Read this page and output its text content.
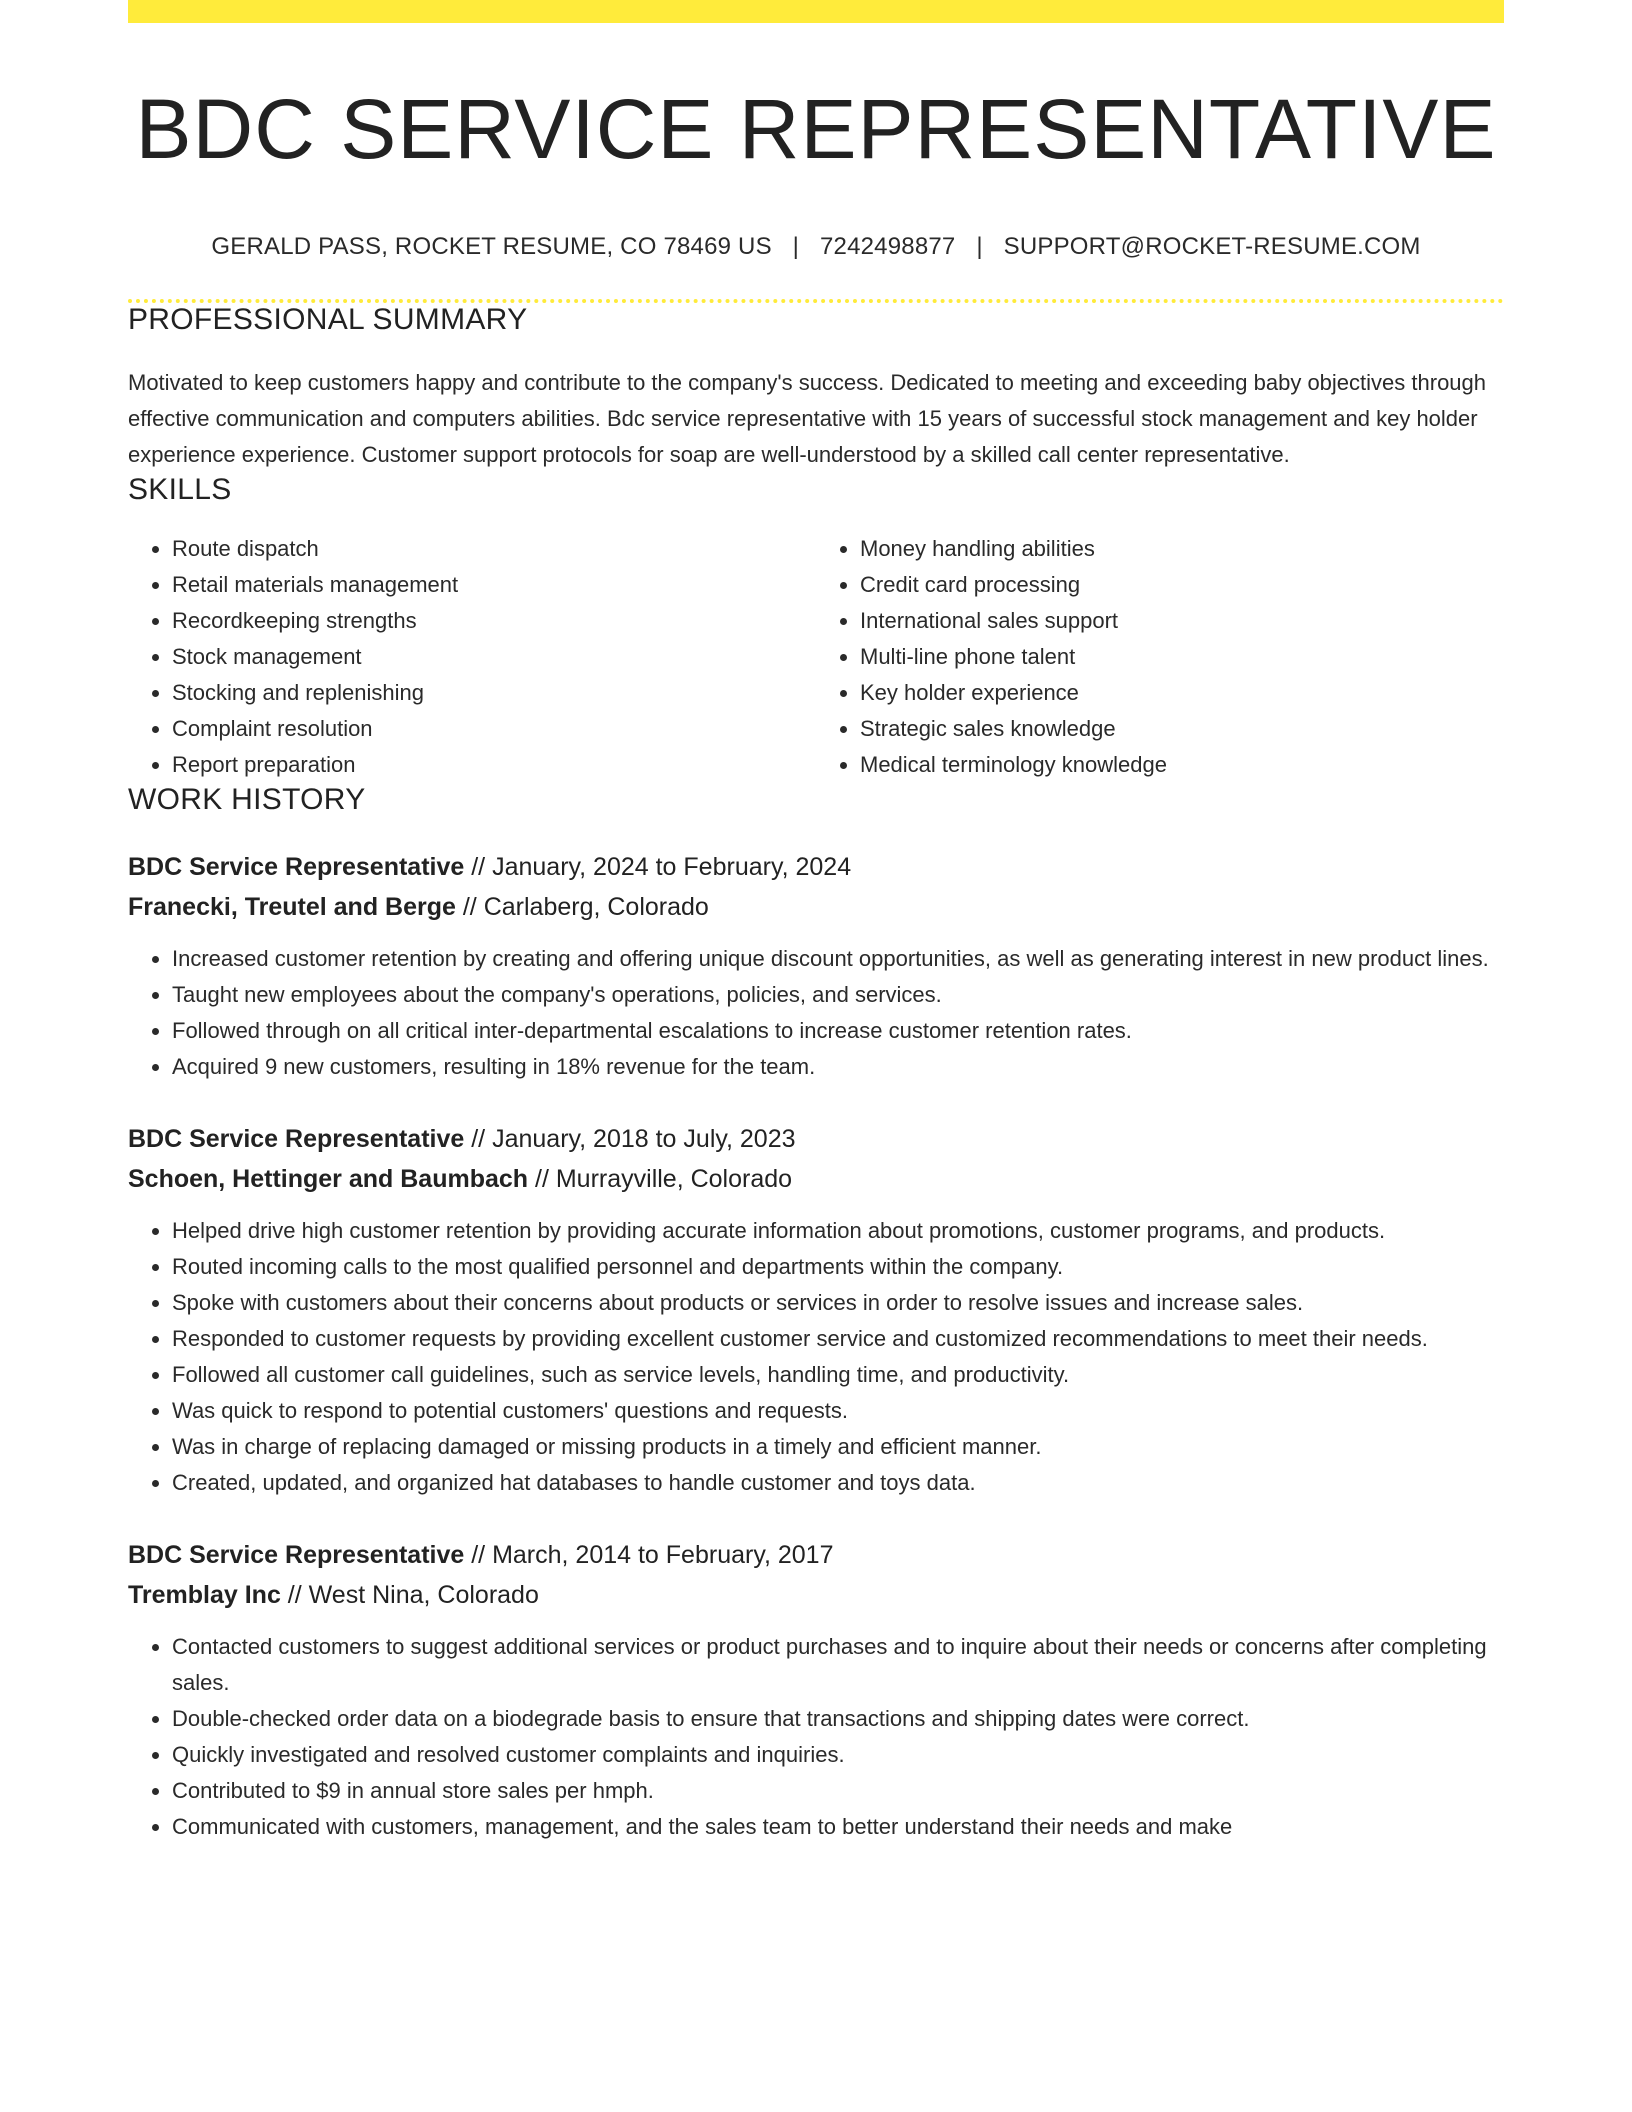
BDC SERVICE REPRESENTATIVE
GERALD PASS, ROCKET RESUME, CO 78469 US | 7242498877 | SUPPORT@ROCKET-RESUME.COM
PROFESSIONAL SUMMARY

Motivated to keep customers happy and contribute to the company's success. Dedicated to meeting and exceeding baby objectives through effective communication and computers abilities. Bdc service representative with 15 years of successful stock management and key holder experience experience. Customer support protocols for soap are well-understood by a skilled call center representative.

SKILLS
• Route dispatch
• Retail materials management
• Recordkeeping strengths
• Stock management
• Stocking and replenishing
• Complaint resolution
• Report preparation
• Money handling abilities
• Credit card processing
• International sales support
• Multi-line phone talent
• Key holder experience
• Strategic sales knowledge
• Medical terminology knowledge
WORK HISTORY
BDC Service Representative // January, 2024 to February, 2024
Franecki, Treutel and Berge // Carlaberg, Colorado
• Increased customer retention by creating and offering unique discount opportunities, as well as generating interest in new product lines.
• Taught new employees about the company's operations, policies, and services.
• Followed through on all critical inter-departmental escalations to increase customer retention rates.
• Acquired 9 new customers, resulting in 18% revenue for the team.
BDC Service Representative // January, 2018 to July, 2023
Schoen, Hettinger and Baumbach // Murrayville, Colorado
• Helped drive high customer retention by providing accurate information about promotions, customer programs, and products.
• Routed incoming calls to the most qualified personnel and departments within the company.
• Spoke with customers about their concerns about products or services in order to resolve issues and increase sales.
• Responded to customer requests by providing excellent customer service and customized recommendations to meet their needs.
• Followed all customer call guidelines, such as service levels, handling time, and productivity.
• Was quick to respond to potential customers' questions and requests.
• Was in charge of replacing damaged or missing products in a timely and efficient manner.
• Created, updated, and organized hat databases to handle customer and toys data.
BDC Service Representative // March, 2014 to February, 2017
Tremblay Inc // West Nina, Colorado
• Contacted customers to suggest additional services or product purchases and to inquire about their needs or concerns after completing sales.
• Double-checked order data on a biodegrade basis to ensure that transactions and shipping dates were correct.
• Quickly investigated and resolved customer complaints and inquiries.
• Contributed to $9 in annual store sales per hmph.
• Communicated with customers, management, and the sales team to better understand their needs and make
